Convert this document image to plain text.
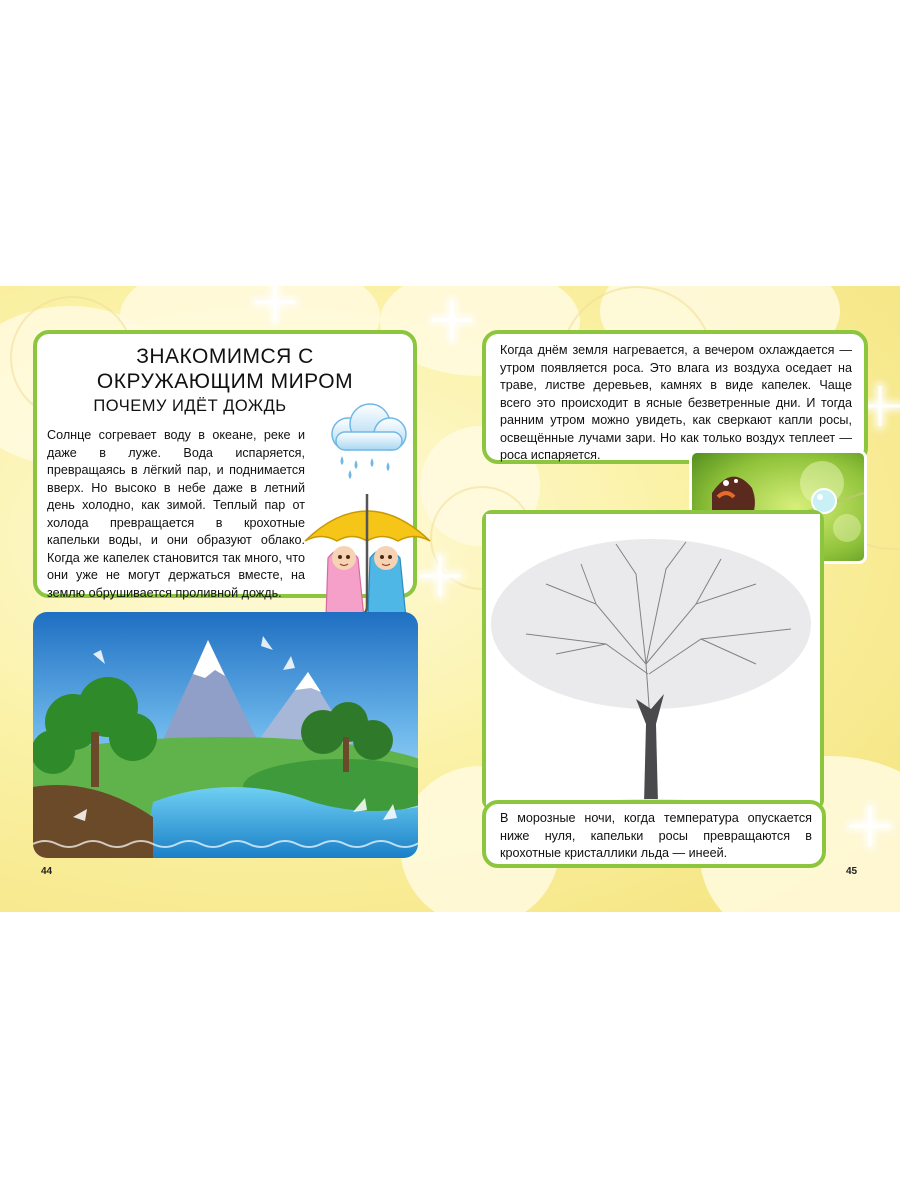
ЗНАКОМИМСЯ С ОКРУЖАЮЩИМ МИРОМ
ПОЧЕМУ ИДЁТ ДОЖДЬ
Солнце согревает воду в океане, реке и даже в луже. Вода испаряется, превращаясь в лёгкий пар, и поднимается вверх. Но высоко в небе даже в летний день холодно, как зимой. Теплый пар от холода превращается в крохотные капельки воды, и они образуют облако. Когда же капелек становится так много, что они уже не могут держаться вместе, на землю обрушивается проливной дождь.
44
Когда днём земля нагревается, а вечером охлаждается — утром появляется роса. Это влага из воздуха оседает на траве, листве деревьев, камнях в виде капелек. Чаще всего это происходит в ясные безветренные дни. И тогда ранним утром можно увидеть, как сверкают капли росы, освещённые лучами зари. Но как только воздух теплеет — роса испаряется.
В морозные ночи, когда температура опускается ниже нуля, капельки росы превращаются в крохотные кристаллики льда — инеей.
45
